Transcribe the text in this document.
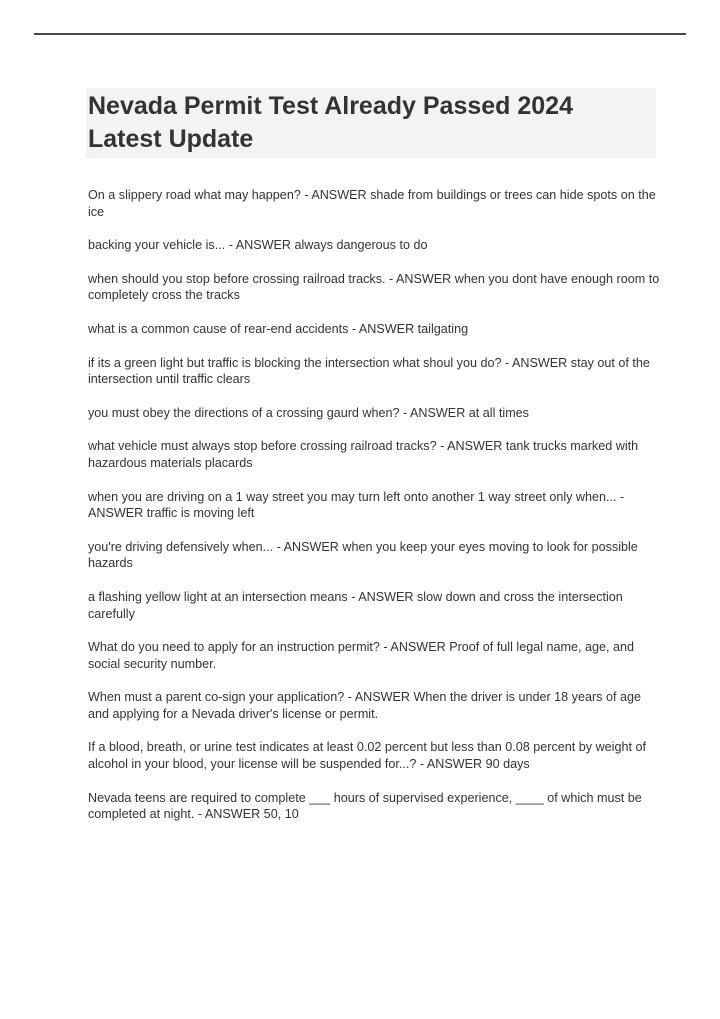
Nevada Permit Test Already Passed 2024
Latest Update
On a slippery road what may happen? - ANSWER shade from buildings or trees can hide spots on the ice
backing your vehicle is... - ANSWER always dangerous to do
when should you stop before crossing railroad tracks. - ANSWER when you dont have enough room to completely cross the tracks
what is a common cause of rear-end accidents - ANSWER tailgating
if its a green light but traffic is blocking the intersection what shoul you do? - ANSWER stay out of the intersection until traffic clears
you must obey the directions of a crossing gaurd when? - ANSWER at all times
what vehicle must always stop before crossing railroad tracks? - ANSWER tank trucks marked with hazardous materials placards
when you are driving on a 1 way street you may turn left onto another 1 way street only when... - ANSWER traffic is moving left
you're driving defensively when... - ANSWER when you keep your eyes moving to look for possible hazards
a flashing yellow light at an intersection means - ANSWER slow down and cross the intersection carefully
What do you need to apply for an instruction permit? - ANSWER Proof of full legal name, age, and social security number.
When must a parent co-sign your application? - ANSWER When the driver is under 18 years of age and applying for a Nevada driver's license or permit.
If a blood, breath, or urine test indicates at least 0.02 percent but less than 0.08 percent by weight of alcohol in your blood, your license will be suspended for...? - ANSWER 90 days
Nevada teens are required to complete ___ hours of supervised experience, ____ of which must be completed at night. - ANSWER 50, 10
